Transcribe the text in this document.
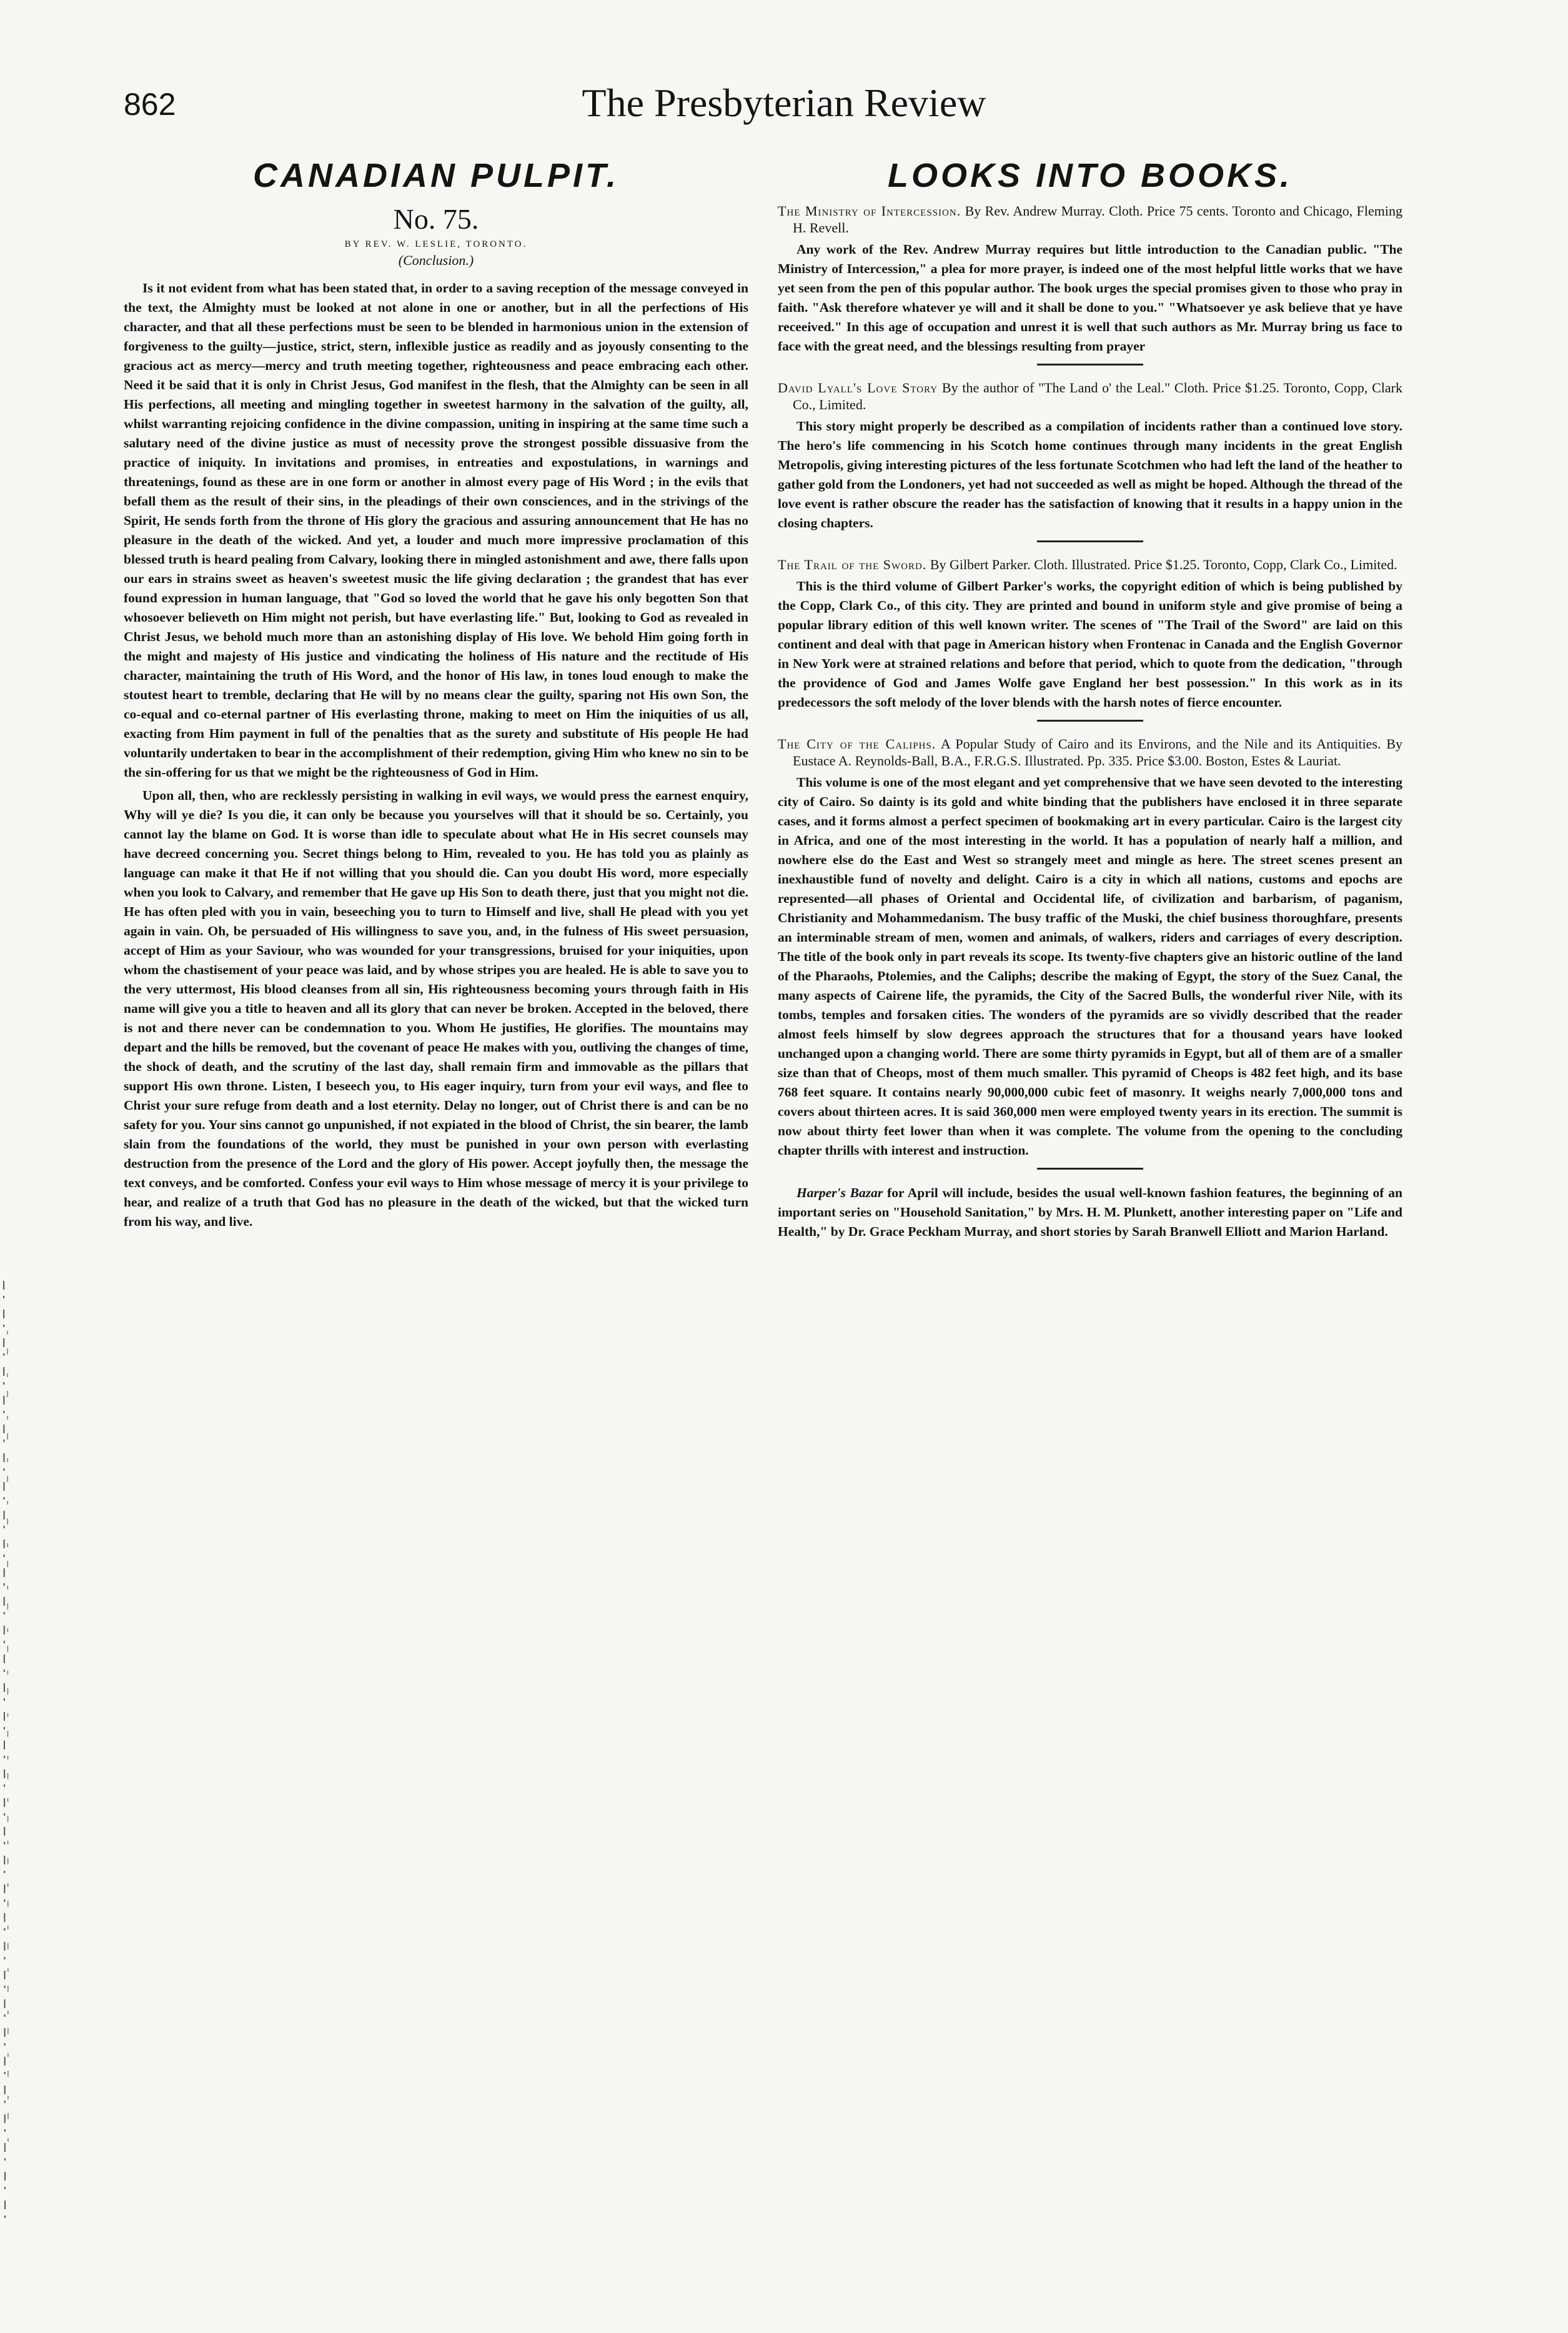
862	The Presbyterian Review
CANADIAN PULPIT.
No. 75.
BY REV. W. LESLIE, TORONTO.
(Conclusion.)

Is it not evident from what has been stated that, in order to a saving reception of the message conveyed in the text, the Almighty must be looked at not alone in one or another, but in all the perfections of His character, and that all these perfections must be seen to be blended in harmonious union in the extension of forgiveness to the guilty—justice, strict, stern, inflexible justice as readily and as joyously consenting to the gracious act as mercy—mercy and truth meeting together, righteousness and peace embracing each other. Need it be said that it is only in Christ Jesus, God manifest in the flesh, that the Almighty can be seen in all His perfections, all meeting and mingling together in sweetest harmony in the salvation of the guilty, all, whilst warranting rejoicing confidence in the divine compassion, uniting in inspiring at the same time such a salutary need of the divine justice as must of necessity prove the strongest possible dissuasive from the practice of iniquity. In invitations and promises, in entreaties and expostulations, in warnings and threatenings, found as these are in one form or another in almost every page of His Word ; in the evils that befall them as the result of their sins, in the pleadings of their own consciences, and in the strivings of the Spirit, He sends forth from the throne of His glory the gracious and assuring announcement that He has no pleasure in the death of the wicked. And yet, a louder and much more impressive proclamation of this blessed truth is heard pealing from Calvary, looking there in mingled astonishment and awe, there falls upon our ears in strains sweet as heaven's sweetest music the life giving declaration ; the grandest that has ever found expression in human language, that "God so loved the world that he gave his only begotten Son that whosoever believeth on Him might not perish, but have everlasting life." But, looking to God as revealed in Christ Jesus, we behold much more than an astonishing display of His love. We behold Him going forth in the might and majesty of His justice and vindicating the holiness of His nature and the rectitude of His character, maintaining the truth of His Word, and the honor of His law, in tones loud enough to make the stoutest heart to tremble, declaring that He will by no means clear the guilty, sparing not His own Son, the co-equal and co-eternal partner of His everlasting throne, making to meet on Him the iniquities of us all, exacting from Him payment in full of the penalties that as the surety and substitute of His people He had voluntarily undertaken to bear in the accomplishment of their redemption, giving Him who knew no sin to be the sin-offering for us that we might be the righteousness of God in Him.

Upon all, then, who are recklessly persisting in walking in evil ways, we would press the earnest enquiry, Why will ye die? Is you die, it can only be because you yourselves will that it should be so. Certainly, you cannot lay the blame on God. It is worse than idle to speculate about what He in His secret counsels may have decreed concerning you. Secret things belong to Him, revealed to you. He has told you as plainly as language can make it that He if not willing that you should die. Can you doubt His word, more especially when you look to Calvary, and remember that He gave up His Son to death there, just that you might not die. He has often pled with you in vain, beseeching you to turn to Himself and live, shall He plead with you yet again in vain. Oh, be persuaded of His willingness to save you, and, in the fulness of His sweet persuasion, accept of Him as your Saviour, who was wounded for your transgressions, bruised for your iniquities, upon whom the chastisement of your peace was laid, and by whose stripes you are healed. He is able to save you to the very uttermost, His blood cleanses from all sin, His righteousness becoming yours through faith in His name will give you a title to heaven and all its glory that can never be broken. Accepted in the beloved, there is not and there never can be condemnation to you. Whom He justifies, He glorifies. The mountains may depart and the hills be removed, but the covenant of peace He makes with you, outliving the changes of time, the shock of death, and the scrutiny of the last day, shall remain firm and immovable as the pillars that support His own throne. Listen, I beseech you, to His eager inquiry, turn from your evil ways, and flee to Christ your sure refuge from death and a lost eternity. Delay no longer, out of Christ there is and can be no safety for you. Your sins cannot go unpunished, if not expiated in the blood of Christ, the sin bearer, the lamb slain from the foundations of the world, they must be punished in your own person with everlasting destruction from the presence of the Lord and the glory of His power. Accept joyfully then, the message the text conveys, and be comforted. Confess your evil ways to Him whose message of mercy it is your privilege to hear, and realize of a truth that God has no pleasure in the death of the wicked, but that the wicked turn from his way, and live.

LOOKS INTO BOOKS.
The Ministry of Intercession. By Rev. Andrew Murray. Cloth. Price 75 cents. Toronto and Chicago, Fleming H. Revell.

Any work of the Rev. Andrew Murray requires but little introduction to the Canadian public. "The Ministry of Intercession," a plea for more prayer, is indeed one of the most helpful little works that we have yet seen from the pen of this popular author. The book urges the special promises given to those who pray in faith. "Ask therefore whatever ye will and it shall be done to you." "Whatsoever ye ask believe that ye have receeived." In this age of occupation and unrest it is well that such authors as Mr. Murray bring us face to face with the great need, and the blessings resulting from prayer

David Lyall's Love Story By the author of "The Land o' the Leal." Cloth. Price $1.25. Toronto, Copp, Clark Co., Limited.

This story might properly be described as a compilation of incidents rather than a continued love story. The hero's life commencing in his Scotch home continues through many incidents in the great English Metropolis, giving interesting pictures of the less fortunate Scotchmen who had left the land of the heather to gather gold from the Londoners, yet had not succeeded as well as might be hoped. Although the thread of the love event is rather obscure the reader has the satisfaction of knowing that it results in a happy union in the closing chapters.

The Trail of the Sword. By Gilbert Parker. Cloth. Illustrated. Price $1.25. Toronto, Copp, Clark Co., Limited.

This is the third volume of Gilbert Parker's works, the copyright edition of which is being published by the Copp, Clark Co., of this city. They are printed and bound in uniform style and give promise of being a popular library edition of this well known writer. The scenes of "The Trail of the Sword" are laid on this continent and deal with that page in American history when Frontenac in Canada and the English Governor in New York were at strained relations and before that period, which to quote from the dedication, "through the providence of God and James Wolfe gave England her best possession." In this work as in its predecessors the soft melody of the lover blends with the harsh notes of fierce encounter.

The City of the Caliphs. A Popular Study of Cairo and its Environs, and the Nile and its Antiquities. By Eustace A. Reynolds-Ball, B.A., F.R.G.S. Illustrated. Pp. 335. Price $3.00. Boston, Estes & Lauriat.

This volume is one of the most elegant and yet comprehensive that we have seen devoted to the interesting city of Cairo. So dainty is its gold and white binding that the publishers have enclosed it in three separate cases, and it forms almost a perfect specimen of bookmaking art in every particular. Cairo is the largest city in Africa, and one of the most interesting in the world. It has a population of nearly half a million, and nowhere else do the East and West so strangely meet and mingle as here. The street scenes present an inexhaustible fund of novelty and delight. Cairo is a city in which all nations, customs and epochs are represented—all phases of Oriental and Occidental life, of civilization and barbarism, of paganism, Christianity and Mohammedanism. The busy traffic of the Muski, the chief business thoroughfare, presents an interminable stream of men, women and animals, of walkers, riders and carriages of every description. The title of the book only in part reveals its scope. Its twenty-five chapters give an historic outline of the land of the Pharaohs, Ptolemies, and the Caliphs; describe the making of Egypt, the story of the Suez Canal, the many aspects of Cairene life, the pyramids, the City of the Sacred Bulls, the wonderful river Nile, with its tombs, temples and forsaken cities. The wonders of the pyramids are so vividly described that the reader almost feels himself by slow degrees approach the structures that for a thousand years have looked unchanged upon a changing world. There are some thirty pyramids in Egypt, but all of them are of a smaller size than that of Cheops, most of them much smaller. This pyramid of Cheops is 482 feet high, and its base 768 feet square. It contains nearly 90,000,000 cubic feet of masonry. It weighs nearly 7,000,000 tons and covers about thirteen acres. It is said 360,000 men were employed twenty years in its erection. The summit is now about thirty feet lower than when it was complete. The volume from the opening to the concluding chapter thrills with interest and instruction.

Harper's Bazar for April will include, besides the usual well-known fashion features, the beginning of an important series on "Household Sanitation," by Mrs. H. M. Plunkett, another interesting paper on "Life and Health," by Dr. Grace Peckham Murray, and short stories by Sarah Branwell Elliott and Marion Harland.
